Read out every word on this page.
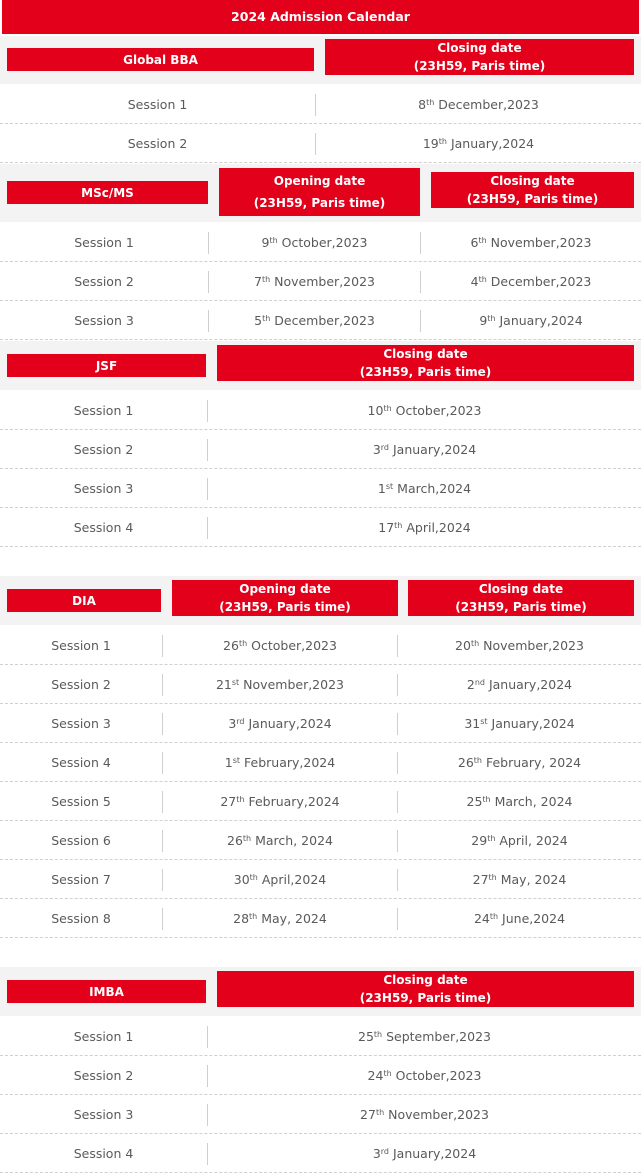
2024 Admission Calendar
Global BBA
Closing date
(23H59, Paris time)
Session 1	8th December,2023
Session 2	19th January,2024
MSc/MS
Opening date
(23H59, Paris time)
Closing date
(23H59, Paris time)
Session 1	9th October,2023	6th November,2023
Session 2	7th November,2023	4th December,2023
Session 3	5th December,2023	9th January,2024
JSF
Closing date
(23H59, Paris time)
Session 1	10th October,2023
Session 2	3rd January,2024
Session 3	1st March,2024
Session 4	17th April,2024
DIA
Opening date
(23H59, Paris time)
Closing date
(23H59, Paris time)
Session 1	26th October,2023	20th November,2023
Session 2	21st November,2023	2nd January,2024
Session 3	3rd January,2024	31st January,2024
Session 4	1st February,2024	26th February, 2024
Session 5	27th February,2024	25th March, 2024
Session 6	26th March, 2024	29th April, 2024
Session 7	30th April,2024	27th May, 2024
Session 8	28th May, 2024	24th June,2024
IMBA
Closing date
(23H59, Paris time)
Session 1	25th September,2023
Session 2	24th October,2023
Session 3	27th November,2023
Session 4	3rd January,2024
